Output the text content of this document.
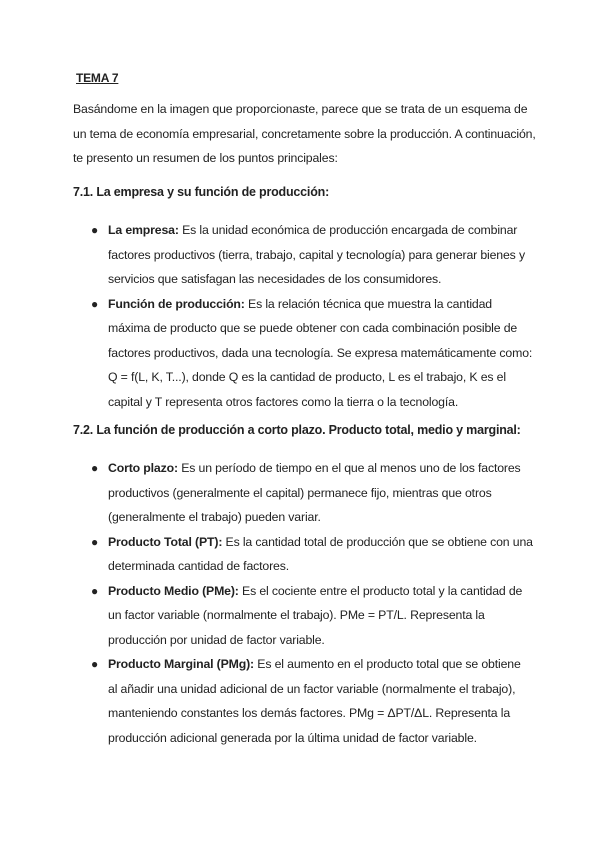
TEMA 7
Basándome en la imagen que proporcionaste, parece que se trata de un esquema de un tema de economía empresarial, concretamente sobre la producción. A continuación, te presento un resumen de los puntos principales:
7.1. La empresa y su función de producción:
● La empresa: Es la unidad económica de producción encargada de combinar factores productivos (tierra, trabajo, capital y tecnología) para generar bienes y servicios que satisfagan las necesidades de los consumidores.
● Función de producción: Es la relación técnica que muestra la cantidad máxima de producto que se puede obtener con cada combinación posible de factores productivos, dada una tecnología. Se expresa matemáticamente como: Q = f(L, K, T...), donde Q es la cantidad de producto, L es el trabajo, K es el capital y T representa otros factores como la tierra o la tecnología.
7.2. La función de producción a corto plazo. Producto total, medio y marginal:
● Corto plazo: Es un período de tiempo en el que al menos uno de los factores productivos (generalmente el capital) permanece fijo, mientras que otros (generalmente el trabajo) pueden variar.
● Producto Total (PT): Es la cantidad total de producción que se obtiene con una determinada cantidad de factores.
● Producto Medio (PMe): Es el cociente entre el producto total y la cantidad de un factor variable (normalmente el trabajo). PMe = PT/L. Representa la producción por unidad de factor variable.
● Producto Marginal (PMg): Es el aumento en el producto total que se obtiene al añadir una unidad adicional de un factor variable (normalmente el trabajo), manteniendo constantes los demás factores. PMg = ΔPT/ΔL. Representa la producción adicional generada por la última unidad de factor variable.
